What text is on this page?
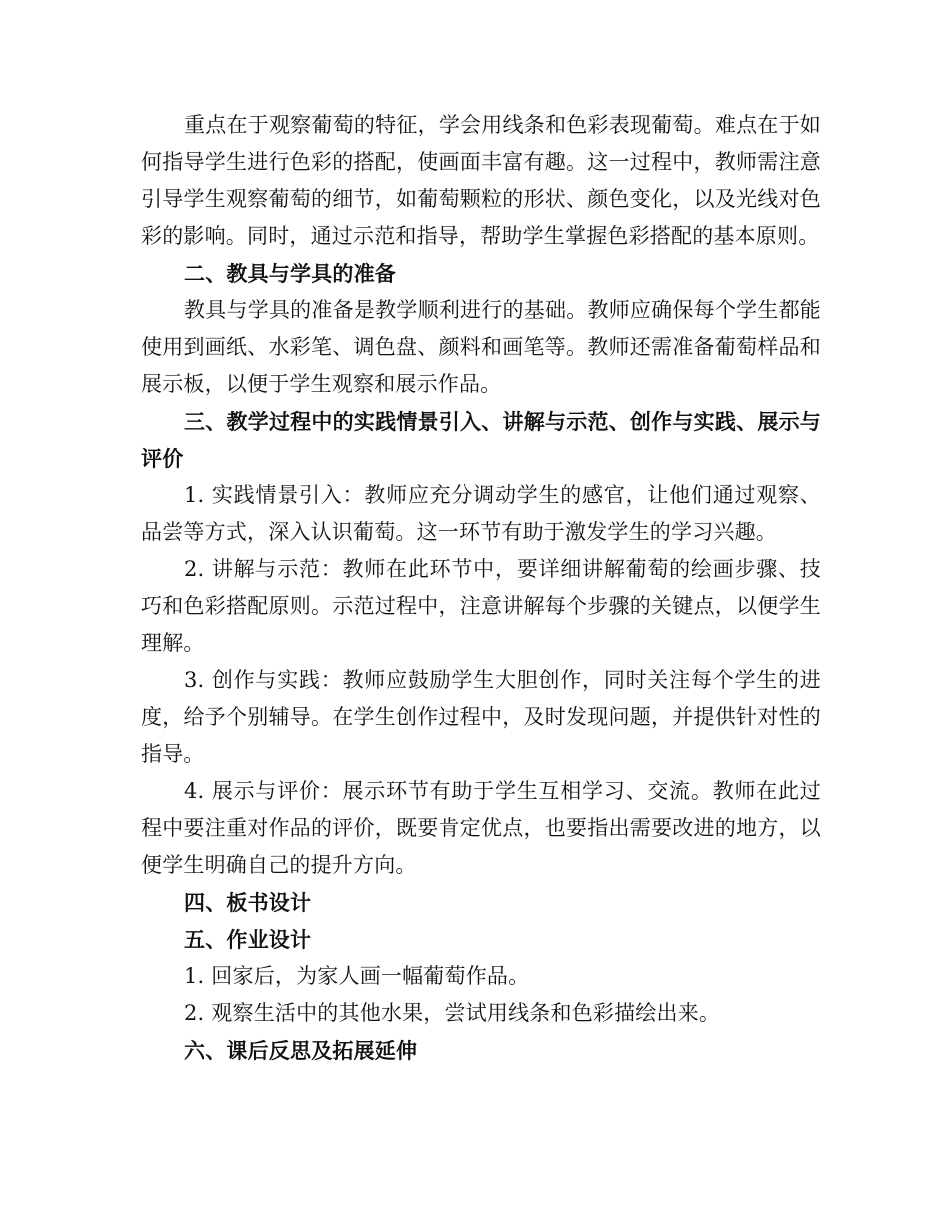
重点在于观察葡萄的特征，学会用线条和色彩表现葡萄。难点在于如何指导学生进行色彩的搭配，使画面丰富有趣。这一过程中，教师需注意引导学生观察葡萄的细节，如葡萄颗粒的形状、颜色变化，以及光线对色彩的影响。同时，通过示范和指导，帮助学生掌握色彩搭配的基本原则。

二、教具与学具的准备

教具与学具的准备是教学顺利进行的基础。教师应确保每个学生都能使用到画纸、水彩笔、调色盘、颜料和画笔等。教师还需准备葡萄样品和展示板，以便于学生观察和展示作品。

三、教学过程中的实践情景引入、讲解与示范、创作与实践、展示与评价

1. 实践情景引入：教师应充分调动学生的感官，让他们通过观察、品尝等方式，深入认识葡萄。这一环节有助于激发学生的学习兴趣。

2. 讲解与示范：教师在此环节中，要详细讲解葡萄的绘画步骤、技巧和色彩搭配原则。示范过程中，注意讲解每个步骤的关键点，以便学生理解。

3. 创作与实践：教师应鼓励学生大胆创作，同时关注每个学生的进度，给予个别辅导。在学生创作过程中，及时发现问题，并提供针对性的指导。

4. 展示与评价：展示环节有助于学生互相学习、交流。教师在此过程中要注重对作品的评价，既要肯定优点，也要指出需要改进的地方，以便学生明确自己的提升方向。

四、板书设计

五、作业设计

1. 回家后，为家人画一幅葡萄作品。

2. 观察生活中的其他水果，尝试用线条和色彩描绘出来。

六、课后反思及拓展延伸
